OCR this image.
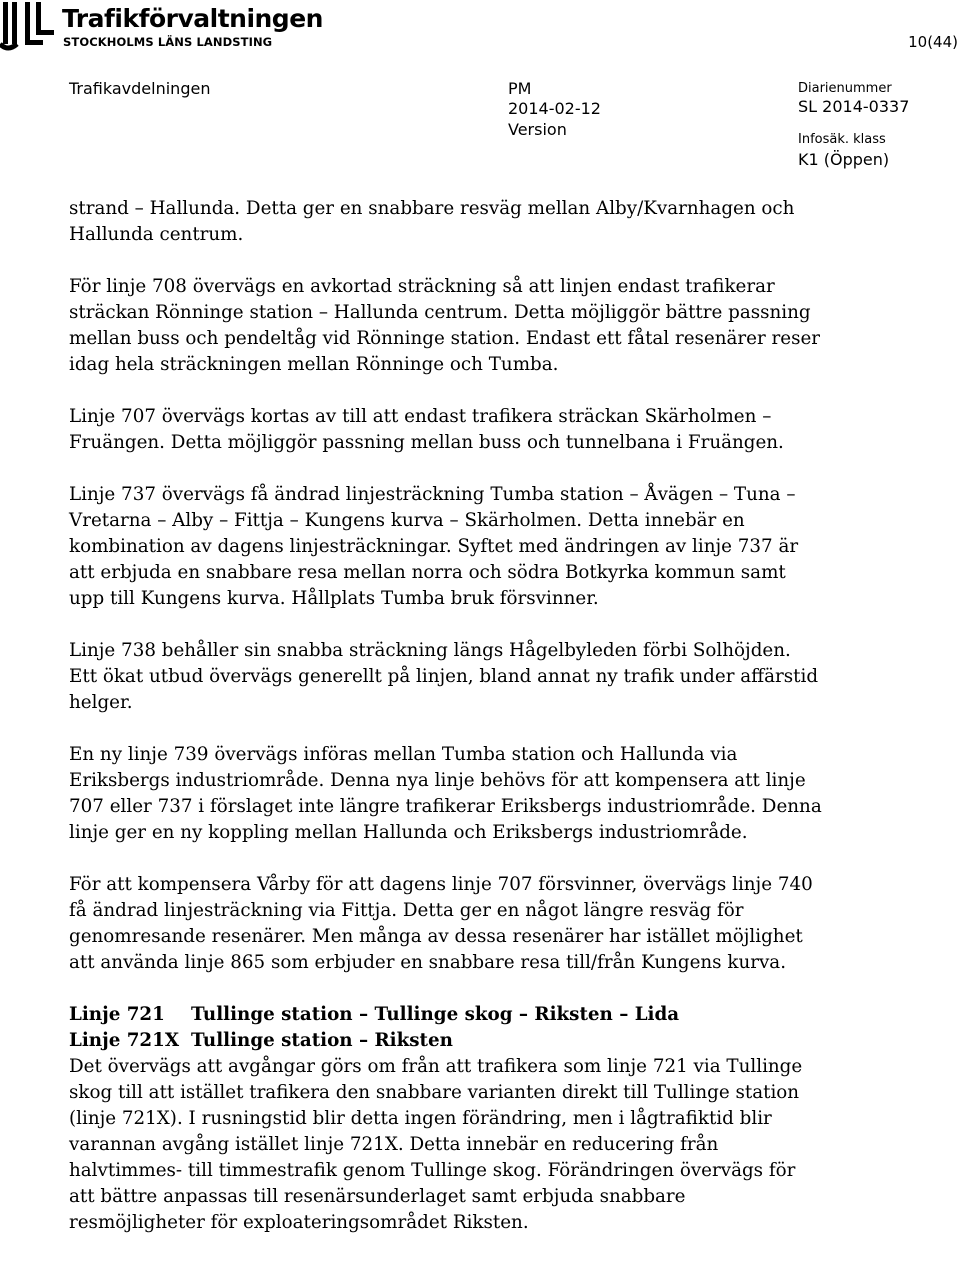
Trafikförvaltningen
STOCKHOLMS LÄNS LANDSTING	10(44)
Trafikavdelningen	PM
2014-02-12
Version
Diarienummer
SL 2014-0337
Infosäk. klass
K1 (Öppen)

strand – Hallunda. Detta ger en snabbare resväg mellan Alby/Kvarnhagen och
Hallunda centrum.

För linje 708 övervägs en avkortad sträckning så att linjen endast trafikerar
sträckan Rönninge station – Hallunda centrum. Detta möjliggör bättre passning
mellan buss och pendeltåg vid Rönninge station. Endast ett fåtal resenärer reser
idag hela sträckningen mellan Rönninge och Tumba.

Linje 707 övervägs kortas av till att endast trafikera sträckan Skärholmen –
Fruängen. Detta möjliggör passning mellan buss och tunnelbana i Fruängen.

Linje 737 övervägs få ändrad linjesträckning Tumba station – Åvägen – Tuna –
Vretarna – Alby – Fittja – Kungens kurva – Skärholmen. Detta innebär en
kombination av dagens linjesträckningar. Syftet med ändringen av linje 737 är
att erbjuda en snabbare resa mellan norra och södra Botkyrka kommun samt
upp till Kungens kurva. Hållplats Tumba bruk försvinner.

Linje 738 behåller sin snabba sträckning längs Hågelbyleden förbi Solhöjden.
Ett ökat utbud övervägs generellt på linjen, bland annat ny trafik under affärstid
helger.

En ny linje 739 övervägs införas mellan Tumba station och Hallunda via
Eriksbergs industriområde. Denna nya linje behövs för att kompensera att linje
707 eller 737 i förslaget inte längre trafikerar Eriksbergs industriområde. Denna
linje ger en ny koppling mellan Hallunda och Eriksbergs industriområde.

För att kompensera Vårby för att dagens linje 707 försvinner, övervägs linje 740
få ändrad linjesträckning via Fittja. Detta ger en något längre resväg för
genomresande resenärer. Men många av dessa resenärer har istället möjlighet
att använda linje 865 som erbjuder en snabbare resa till/från Kungens kurva.

Linje 721	Tullinge station – Tullinge skog – Riksten – Lida
Linje 721X Tullinge station – Riksten

Det övervägs att avgångar görs om från att trafikera som linje 721 via Tullinge
skog till att istället trafikera den snabbare varianten direkt till Tullinge station
(linje 721X). I rusningstid blir detta ingen förändring, men i lågtrafiktid blir
varannan avgång istället linje 721X. Detta innebär en reducering från
halvtimmes- till timmestrafik genom Tullinge skog. Förändringen övervägs för
att bättre anpassas till resenärsunderlaget samt erbjuda snabbare
resmöjligheter för exploateringsområdet Riksten.
